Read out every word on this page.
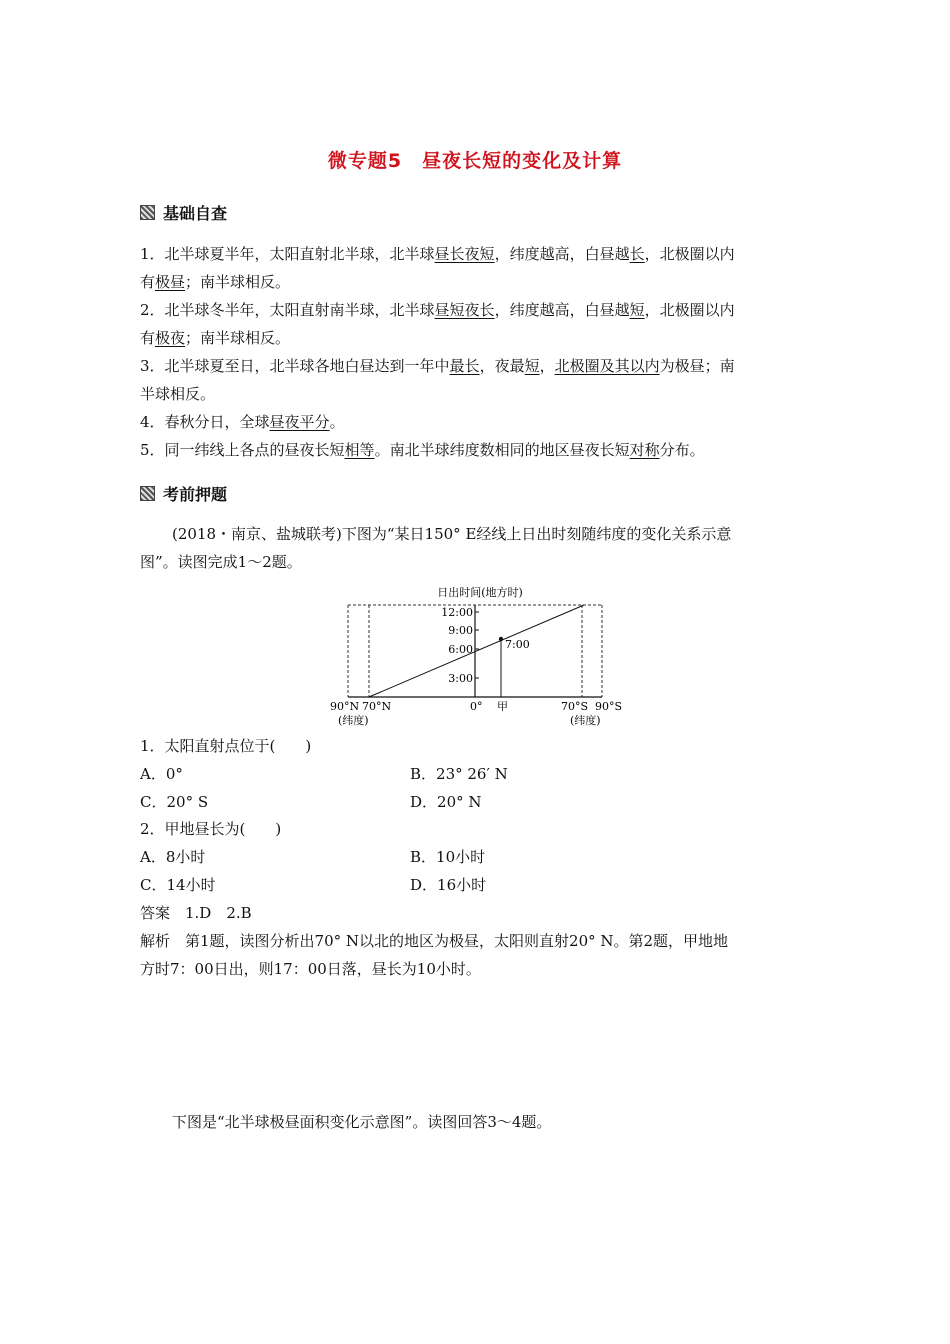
微专题5　昼夜长短的变化及计算
基础自查
1．北半球夏半年，太阳直射北半球，北半球昼长夜短，纬度越高，白昼越长，北极圈以内
有极昼；南半球相反。
2．北半球冬半年，太阳直射南半球，北半球昼短夜长，纬度越高，白昼越短，北极圈以内
有极夜；南半球相反。
3．北半球夏至日，北半球各地白昼达到一年中最长，夜最短，北极圈及其以内为极昼；南
半球相反。
4．春秋分日，全球昼夜平分。
5．同一纬线上各点的昼夜长短相等。南北半球纬度数相同的地区昼夜长短对称分布。
考前押题
(2018・南京、盐城联考)下图为“某日150° E经线上日出时刻随纬度的变化关系示意
图”。读图完成1～2题。
日出时间(地方时)
12:00
9:00
6:00
3:00
7:00
90°N 70°N	0° 甲	70°S 90°S
(纬度)	(纬度)
1．太阳直射点位于(　　)
A．0°	B．23° 26′ N
C．20° S	D．20° N
2．甲地昼长为(　　)
A．8小时	B．10小时
C．14小时	D．16小时
答案　1.D　2.B
解析　第1题，读图分析出70° N以北的地区为极昼，太阳则直射20° N。第2题，甲地地
方时7：00日出，则17：00日落，昼长为10小时。
下图是“北半球极昼面积变化示意图”。读图回答3～4题。
